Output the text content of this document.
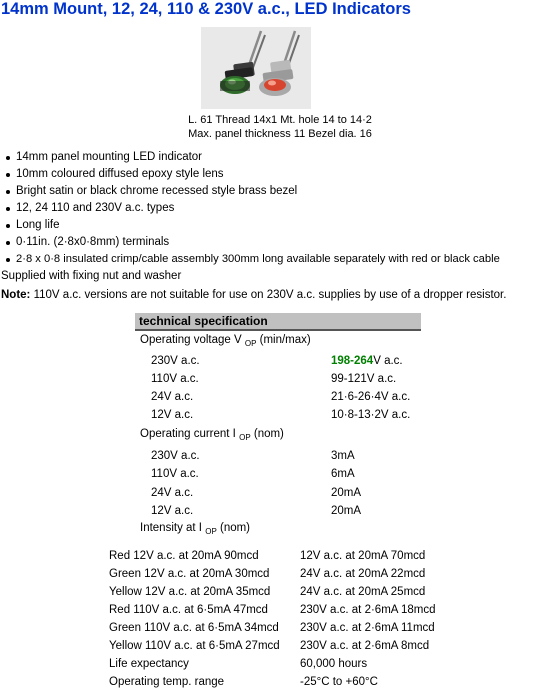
14mm Mount, 12, 24, 110 & 230V a.c., LED Indicators
L. 61 Thread 14x1 Mt. hole 14 to 14·2
Max. panel thickness 11 Bezel dia. 16
14mm panel mounting LED indicator
10mm coloured diffused epoxy style lens
Bright satin or black chrome recessed style brass bezel
12, 24 110 and 230V a.c. types
Long life
0·11in. (2·8x0·8mm) terminals
2·8 x 0·8 insulated crimp/cable assembly 300mm long available separately with red or black cable
Supplied with fixing nut and washer
Note: 110V a.c. versions are not suitable for use on 230V a.c. supplies by use of a dropper resistor.
technical specification
Operating voltage V $_{OP}$ (min/max)
230V a.c.	198-264V a.c.
110V a.c.	99-121V a.c.
24V a.c.	21·6-26·4V a.c.
12V a.c.	10·8-13·2V a.c.
Operating current I $_{OP}$ (nom)
230V a.c.	3mA
110V a.c.	6mA
24V a.c.	20mA
12V a.c.	20mA
Intensity at I $_{OP}$ (nom)
Red 12V a.c. at 20mA 90mcd	12V a.c. at 20mA 70mcd
Green 12V a.c. at 20mA 30mcd	24V a.c. at 20mA 22mcd
Yellow 12V a.c. at 20mA 35mcd	24V a.c. at 20mA 25mcd
Red 110V a.c. at 6·5mA 47mcd	230V a.c. at 2·6mA 18mcd
Green 110V a.c. at 6·5mA 34mcd 230V a.c. at 2·6mA 11mcd
Yellow 110V a.c. at 6·5mA 27mcd 230V a.c. at 2·6mA 8mcd
Life expectancy	60,000 hours
Operating temp. range	-25°C to +60°C
